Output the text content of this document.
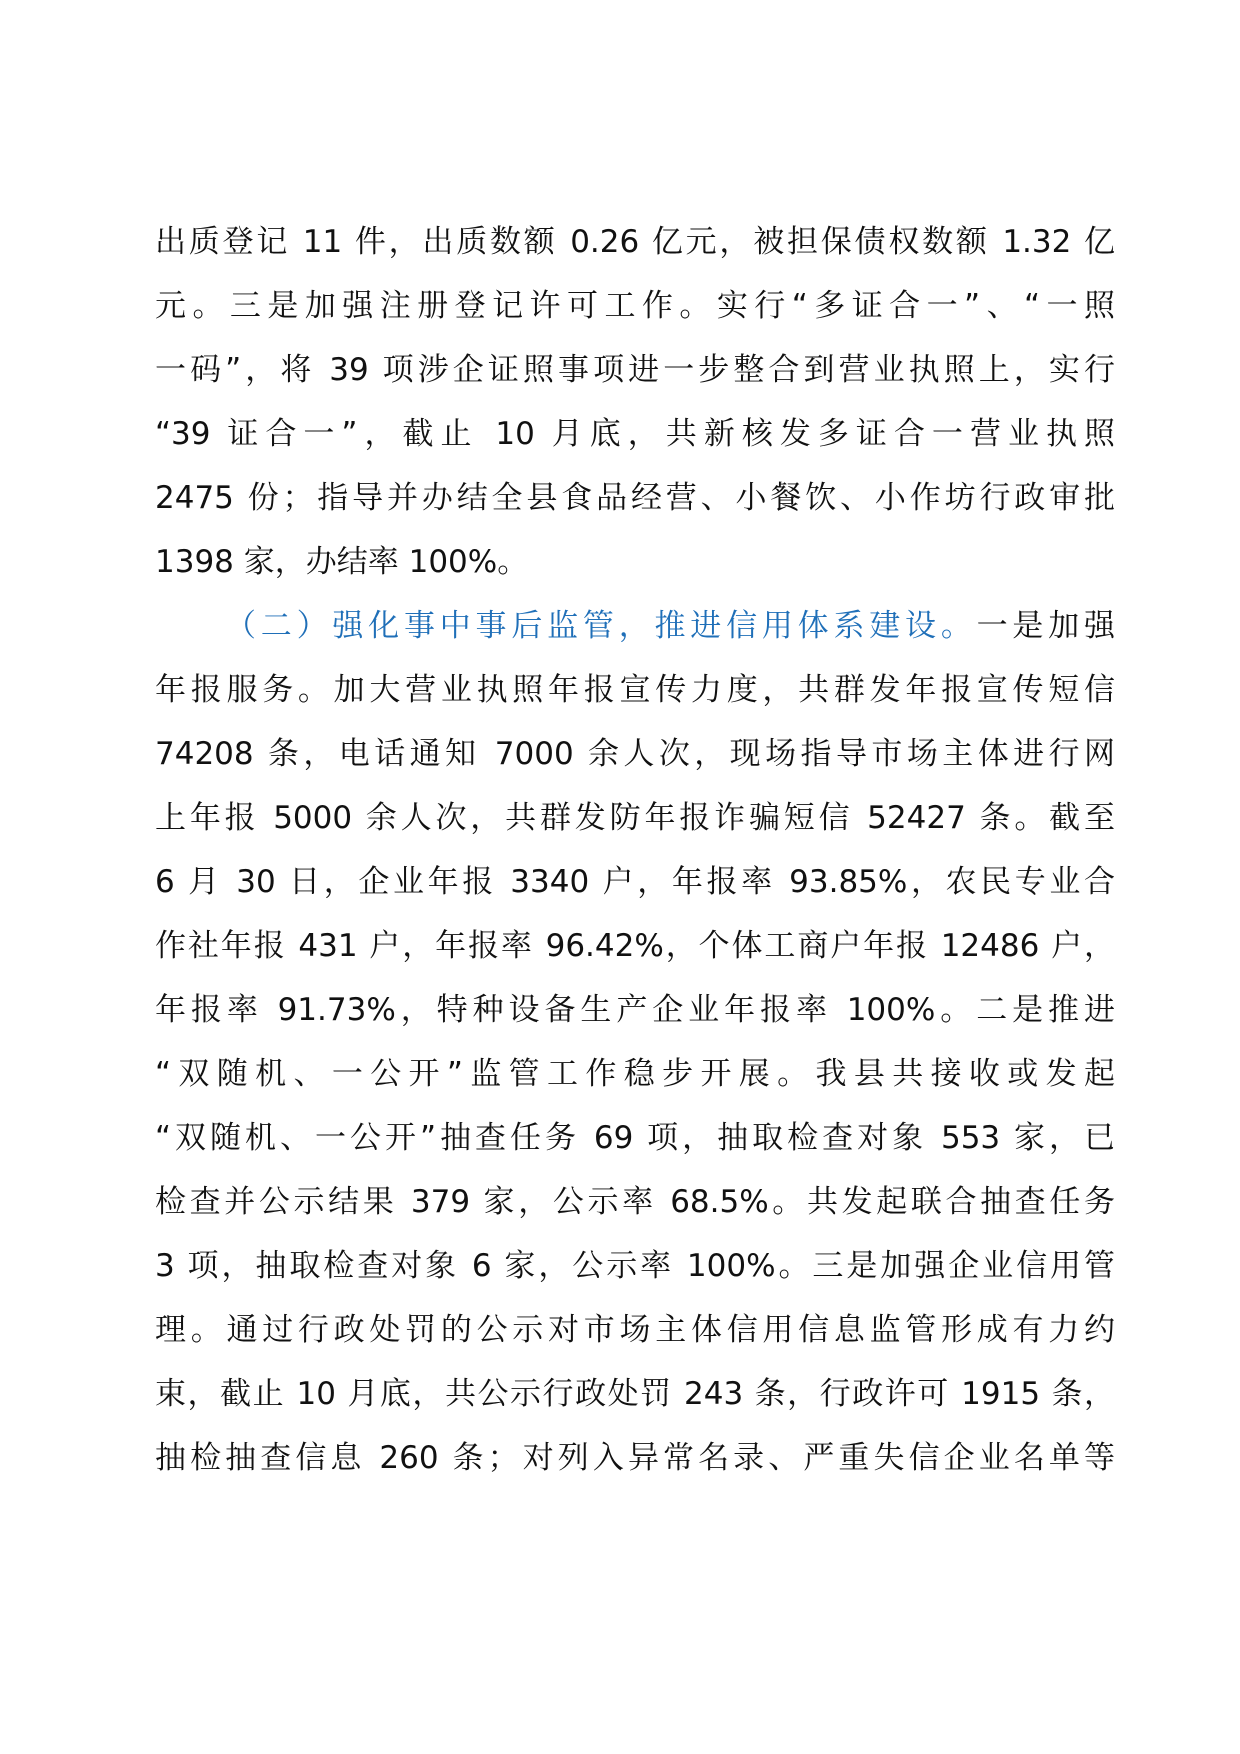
出质登记 11 件，出质数额 0.26 亿元，被担保债权数额 1.32 亿
元。三是加强注册登记许可工作。实行“多证合一”、“一照
一码”，将 39 项涉企证照事项进一步整合到营业执照上，实行
“39 证合一”，截止 10 月底，共新核发多证合一营业执照
2475 份；指导并办结全县食品经营、小餐饮、小作坊行政审批
1398 家，办结率 100%。
（二）强化事中事后监管，推进信用体系建设。一是加强
年报服务。加大营业执照年报宣传力度，共群发年报宣传短信
74208 条，电话通知 7000 余人次，现场指导市场主体进行网
上年报 5000 余人次，共群发防年报诈骗短信 52427 条。截至
6 月 30 日，企业年报 3340 户，年报率 93.85%，农民专业合
作社年报 431 户，年报率 96.42%，个体工商户年报 12486 户，
年报率 91.73%，特种设备生产企业年报率 100%。二是推进
“双随机、一公开”监管工作稳步开展。我县共接收或发起
“双随机、一公开”抽查任务 69 项，抽取检查对象 553 家，已
检查并公示结果 379 家，公示率 68.5%。共发起联合抽查任务
3 项，抽取检查对象 6 家，公示率 100%。三是加强企业信用管
理。通过行政处罚的公示对市场主体信用信息监管形成有力约
束，截止 10 月底，共公示行政处罚 243 条，行政许可 1915 条，
抽检抽查信息 260 条；对列入异常名录、严重失信企业名单等
